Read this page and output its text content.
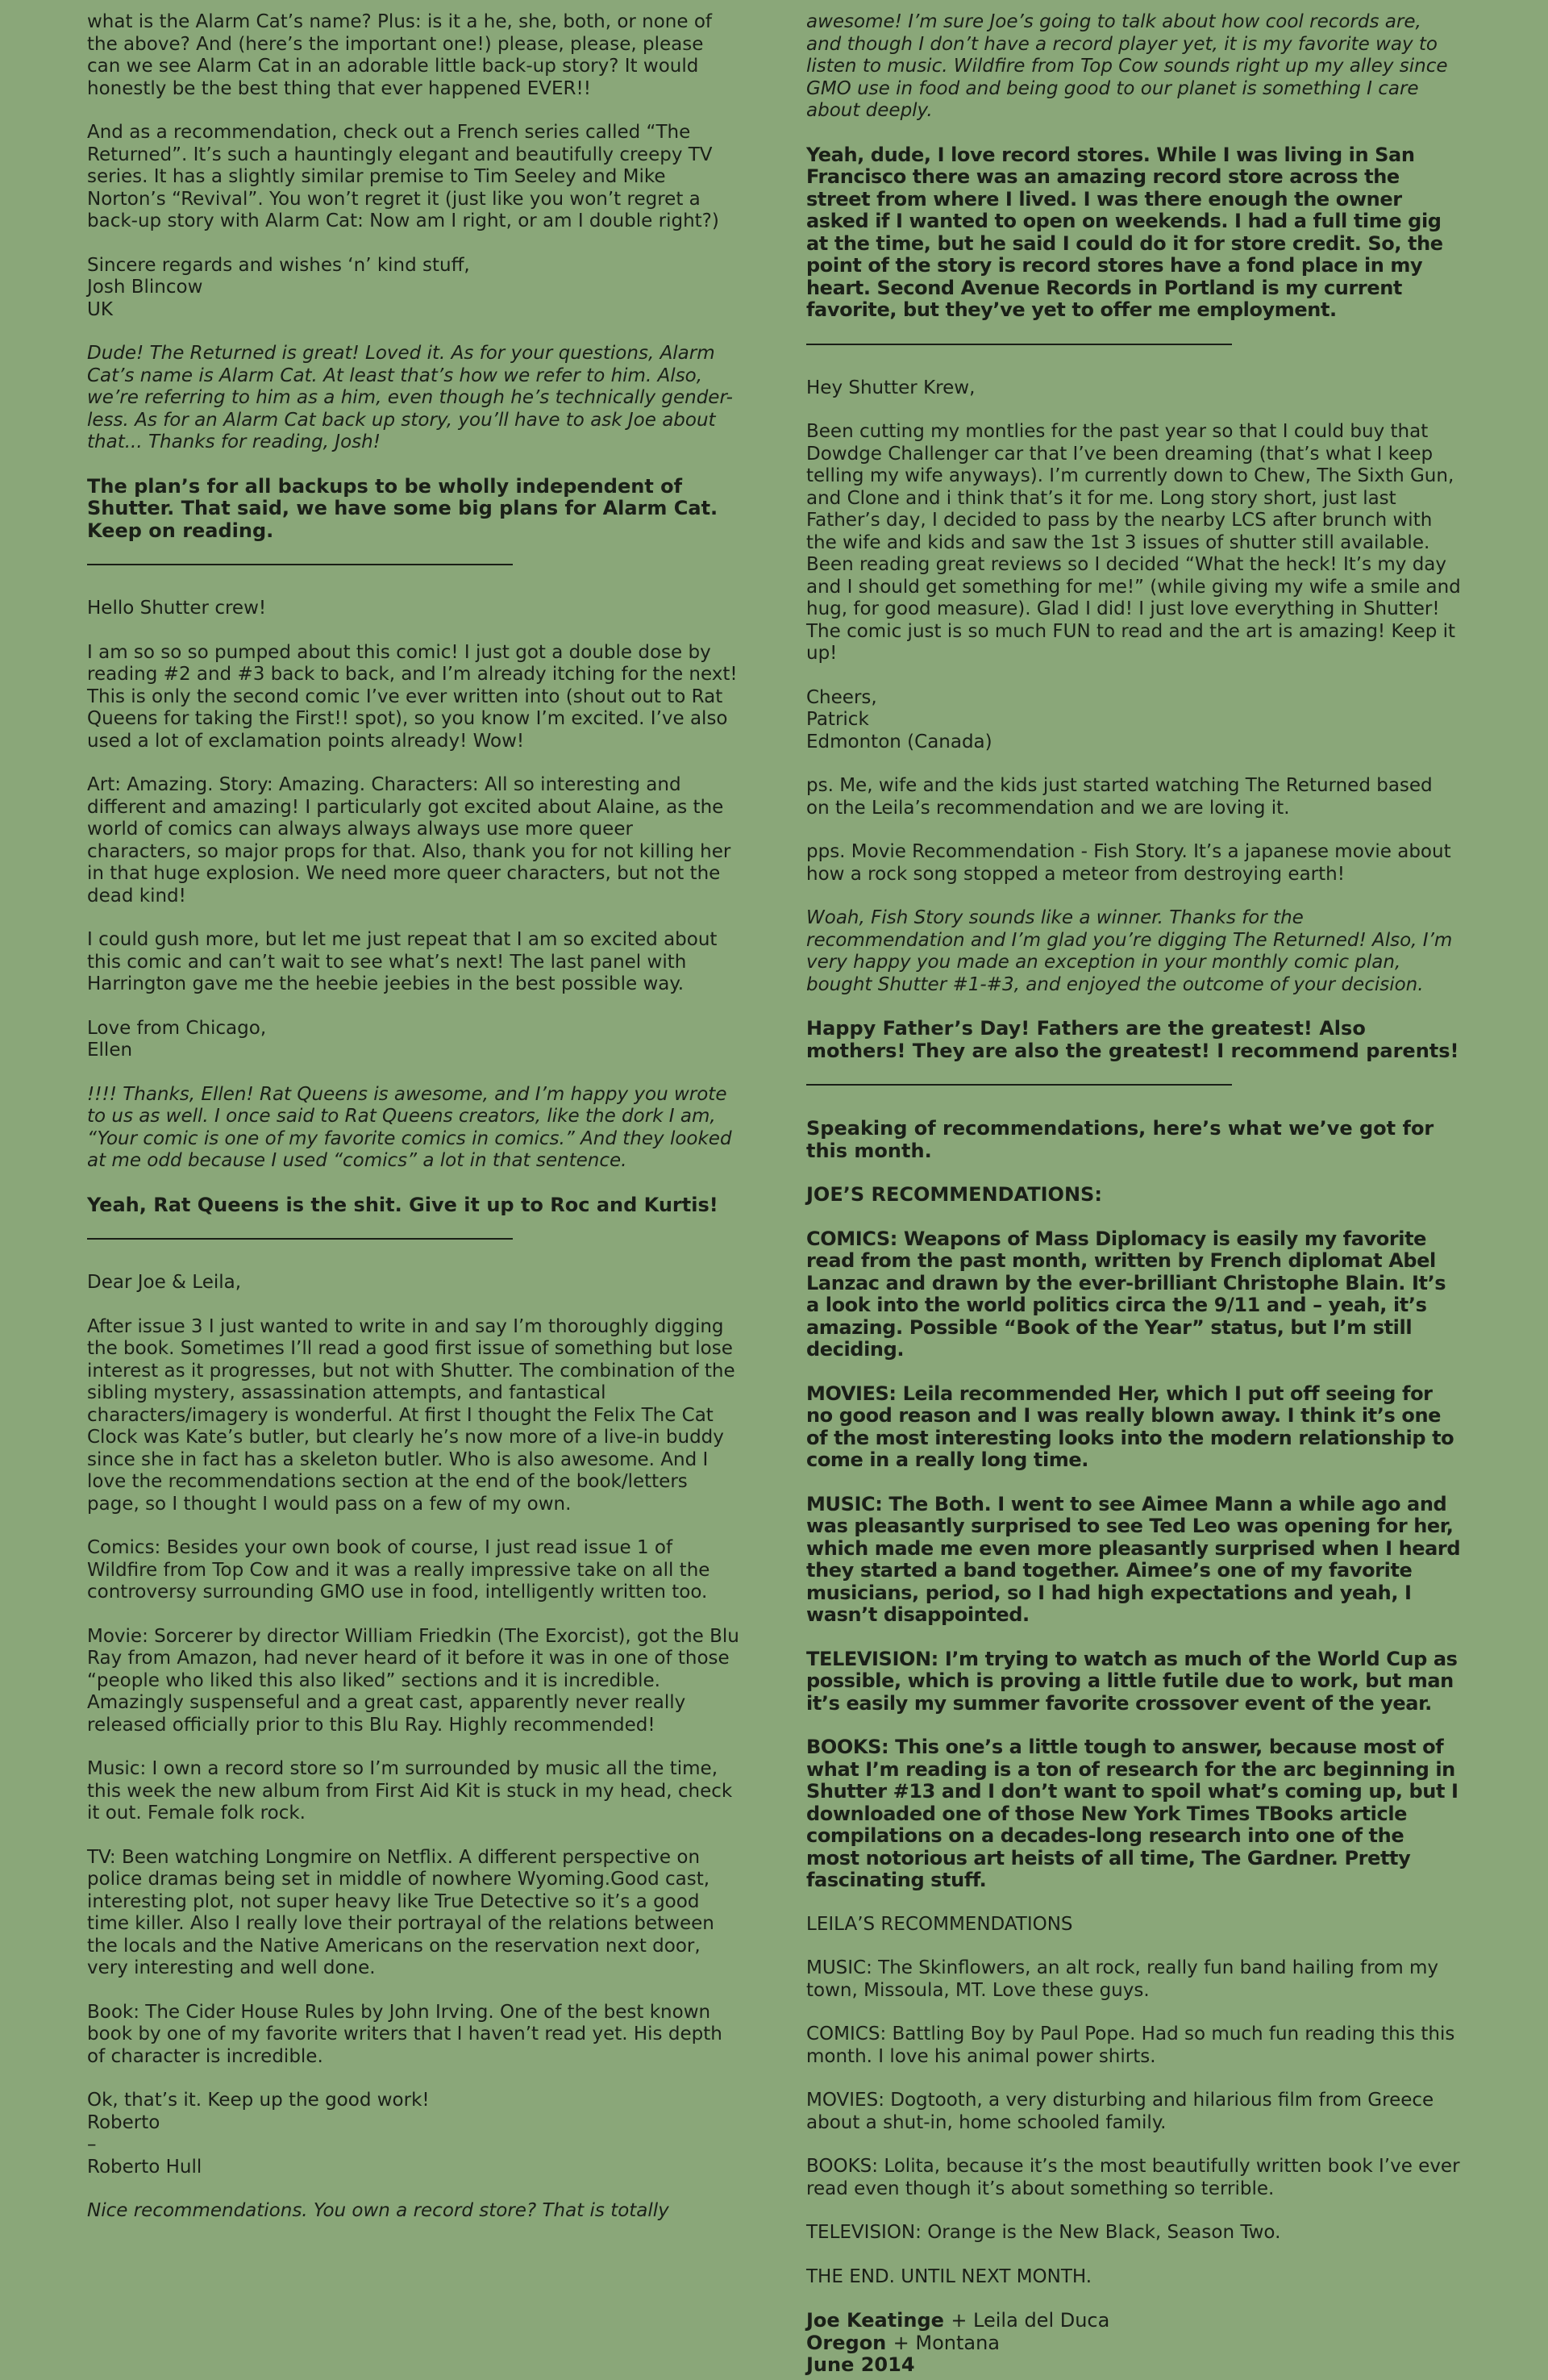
what is the Alarm Cat’s name? Plus: is it a he, she, both, or none of the above? And (here’s the important one!) please, please, please can we see Alarm Cat in an adorable little back-up story? It would honestly be the best thing that ever happened EVER!!

And as a recommendation, check out a French series called “The Returned”. It’s such a hauntingly elegant and beautifully creepy TV series. It has a slightly similar premise to Tim Seeley and Mike Norton’s “Revival”. You won’t regret it (just like you won’t regret a back-up story with Alarm Cat: Now am I right, or am I double right?)

Sincere regards and wishes ‘n’ kind stuff,
Josh Blincow
UK

Dude! The Returned is great! Loved it. As for your questions, Alarm Cat’s name is Alarm Cat. At least that’s how we refer to him. Also, we’re referring to him as a him, even though he’s technically gender-less. As for an Alarm Cat back up story, you’ll have to ask Joe about that... Thanks for reading, Josh!

The plan’s for all backups to be wholly independent of Shutter. That said, we have some big plans for Alarm Cat. Keep on reading.

Hello Shutter crew!

I am so so so pumped about this comic! I just got a double dose by reading #2 and #3 back to back, and I’m already itching for the next! This is only the second comic I’ve ever written into (shout out to Rat Queens for taking the First!! spot), so you know I’m excited. I’ve also used a lot of exclamation points already! Wow!

Art: Amazing. Story: Amazing. Characters: All so interesting and different and amazing! I particularly got excited about Alaine, as the world of comics can always always always use more queer characters, so major props for that. Also, thank you for not killing her in that huge explosion. We need more queer characters, but not the dead kind!

I could gush more, but let me just repeat that I am so excited about this comic and can’t wait to see what’s next! The last panel with Harrington gave me the heebie jeebies in the best possible way.

Love from Chicago,
Ellen

!!!! Thanks, Ellen! Rat Queens is awesome, and I’m happy you wrote to us as well. I once said to Rat Queens creators, like the dork I am, “Your comic is one of my favorite comics in comics.” And they looked at me odd because I used “comics” a lot in that sentence.

Yeah, Rat Queens is the shit. Give it up to Roc and Kurtis!

Dear Joe & Leila,

After issue 3 I just wanted to write in and say I’m thoroughly digging the book. Sometimes I’ll read a good first issue of something but lose interest as it progresses, but not with Shutter. The combination of the sibling mystery, assassination attempts, and fantastical characters/imagery is wonderful. At first I thought the Felix The Cat Clock was Kate’s butler, but clearly he’s now more of a live-in buddy since she in fact has a skeleton butler. Who is also awesome. And I love the recommendations section at the end of the book/letters page, so I thought I would pass on a few of my own.

Comics: Besides your own book of course, I just read issue 1 of Wildfire from Top Cow and it was a really impressive take on all the controversy surrounding GMO use in food, intelligently written too.

Movie: Sorcerer by director William Friedkin (The Exorcist), got the Blu Ray from Amazon, had never heard of it before it was in one of those “people who liked this also liked” sections and it is incredible. Amazingly suspenseful and a great cast, apparently never really released officially prior to this Blu Ray. Highly recommended!

Music: I own a record store so I’m surrounded by music all the time, this week the new album from First Aid Kit is stuck in my head, check it out. Female folk rock.

TV: Been watching Longmire on Netflix. A different perspective on police dramas being set in middle of nowhere Wyoming.Good cast, interesting plot, not super heavy like True Detective so it’s a good time killer. Also I really love their portrayal of the relations between the locals and the Native Americans on the reservation next door, very interesting and well done.

Book: The Cider House Rules by John Irving. One of the best known book by one of my favorite writers that I haven’t read yet. His depth of character is incredible.

Ok, that’s it. Keep up the good work!
Roberto
–
Roberto Hull

Nice recommendations. You own a record store? That is totally

awesome! I’m sure Joe’s going to talk about how cool records are, and though I don’t have a record player yet, it is my favorite way to listen to music. Wildfire from Top Cow sounds right up my alley since GMO use in food and being good to our planet is something I care about deeply.

Yeah, dude, I love record stores. While I was living in San Francisco there was an amazing record store across the street from where I lived. I was there enough the owner asked if I wanted to open on weekends. I had a full time gig at the time, but he said I could do it for store credit. So, the point of the story is record stores have a fond place in my heart. Second Avenue Records in Portland is my current favorite, but they’ve yet to offer me employment.

Hey Shutter Krew,

Been cutting my montlies for the past year so that I could buy that Dowdge Challenger car that I’ve been dreaming (that’s what I keep telling my wife anyways). I’m currently down to Chew, The Sixth Gun, and Clone and i think that’s it for me. Long story short, just last Father’s day, I decided to pass by the nearby LCS after brunch with the wife and kids and saw the 1st 3 issues of shutter still available. Been reading great reviews so I decided “What the heck! It’s my day and I should get something for me!” (while giving my wife a smile and hug, for good measure). Glad I did! I just love everything in Shutter! The comic just is so much FUN to read and the art is amazing! Keep it up!

Cheers,
Patrick
Edmonton (Canada)

ps. Me, wife and the kids just started watching The Returned based on the Leila’s recommendation and we are loving it.

pps. Movie Recommendation - Fish Story. It’s a japanese movie about how a rock song stopped a meteor from destroying earth!

Woah, Fish Story sounds like a winner. Thanks for the recommendation and I’m glad you’re digging The Returned! Also, I’m very happy you made an exception in your monthly comic plan, bought Shutter #1-#3, and enjoyed the outcome of your decision.

Happy Father’s Day! Fathers are the greatest! Also mothers! They are also the greatest! I recommend parents!

Speaking of recommendations, here’s what we’ve got for this month.

JOE’S RECOMMENDATIONS:

COMICS: Weapons of Mass Diplomacy is easily my favorite read from the past month, written by French diplomat Abel Lanzac and drawn by the ever-brilliant Christophe Blain. It’s a look into the world politics circa the 9/11 and – yeah, it’s amazing. Possible “Book of the Year” status, but I’m still deciding.

MOVIES: Leila recommended Her, which I put off seeing for no good reason and I was really blown away. I think it’s one of the most interesting looks into the modern relationship to come in a really long time.

MUSIC: The Both. I went to see Aimee Mann a while ago and was pleasantly surprised to see Ted Leo was opening for her, which made me even more pleasantly surprised when I heard they started a band together. Aimee’s one of my favorite musicians, period, so I had high expectations and yeah, I wasn’t disappointed.

TELEVISION: I’m trying to watch as much of the World Cup as possible, which is proving a little futile due to work, but man it’s easily my summer favorite crossover event of the year.

BOOKS: This one’s a little tough to answer, because most of what I’m reading is a ton of research for the arc beginning in Shutter #13 and I don’t want to spoil what’s coming up, but I downloaded one of those New York Times TBooks article compilations on a decades-long research into one of the most notorious art heists of all time, The Gardner. Pretty fascinating stuff.

LEILA’S RECOMMENDATIONS

MUSIC: The Skinflowers, an alt rock, really fun band hailing from my town, Missoula, MT. Love these guys.

COMICS: Battling Boy by Paul Pope. Had so much fun reading this this month. I love his animal power shirts.

MOVIES: Dogtooth, a very disturbing and hilarious film from Greece about a shut-in, home schooled family.

BOOKS: Lolita, because it’s the most beautifully written book I’ve ever read even though it’s about something so terrible.

TELEVISION: Orange is the New Black, Season Two.

THE END. UNTIL NEXT MONTH.

Joe Keatinge + Leila del Duca

Oregon + Montana

June 2014
